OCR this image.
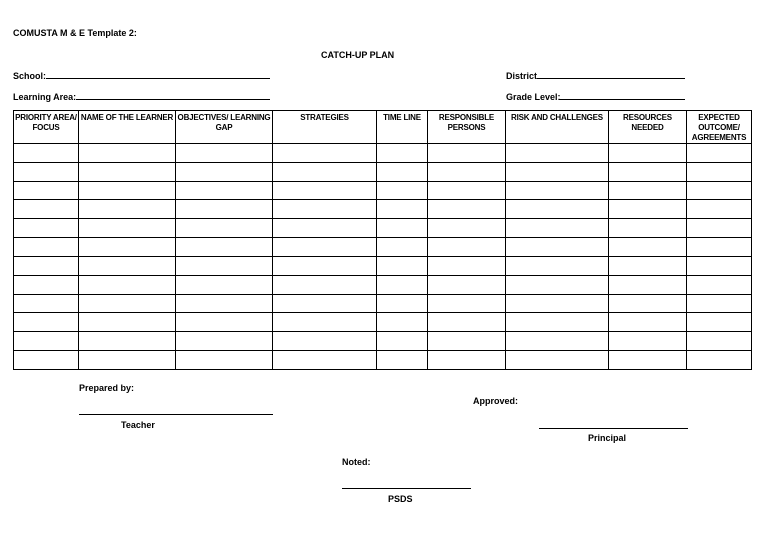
COMUSTA M & E Template 2:
CATCH-UP PLAN
School:	District
Learning Area:	Grade Level:
PRIORITY AREA/ FOCUS	NAME OF THE LEARNER	OBJECTIVES/ LEARNING GAP	STRATEGIES	TIME LINE	RESPONSIBLE PERSONS	RISK AND CHALLENGES	RESOURCES NEEDED	EXPECTED OUTCOME/ AGREEMENTS

Prepared by:
Teacher
Approved:
Principal
Noted:
PSDS
